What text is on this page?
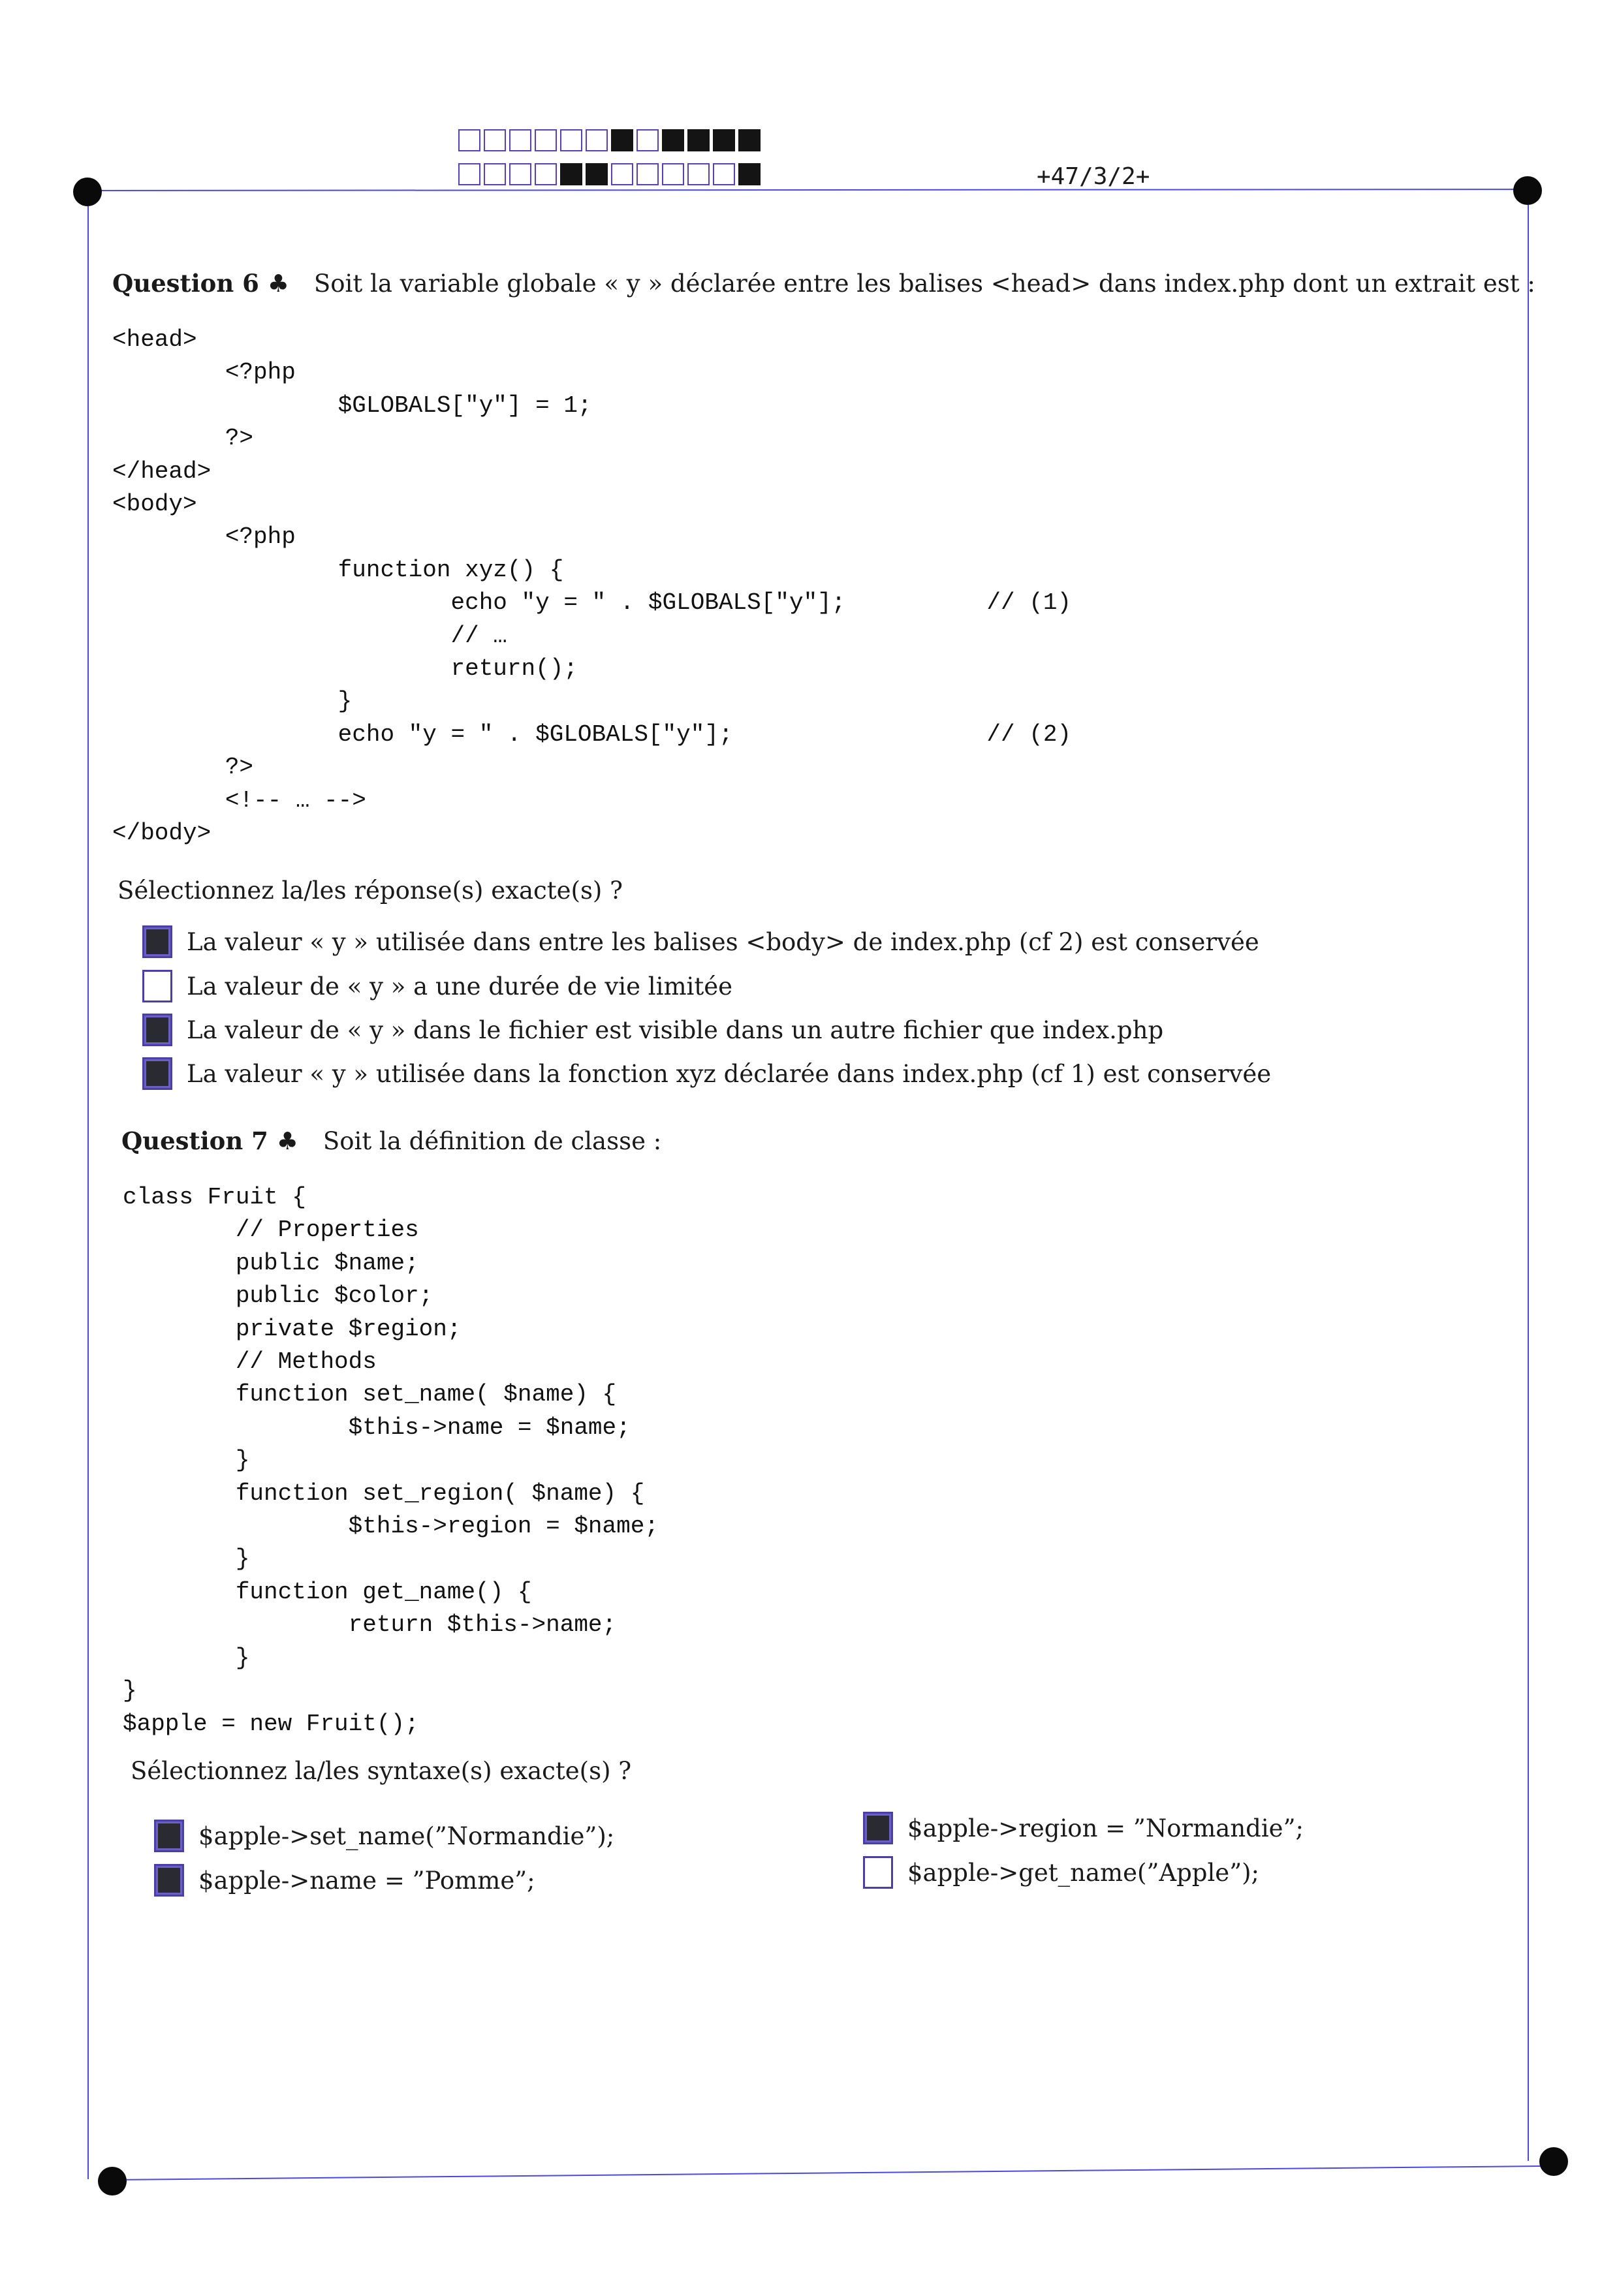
+47/3/2+
Question 6 ♣ Soit la variable globale « y » déclarée entre les balises <head> dans index.php dont un extrait est :
<head>
<?php
$GLOBALS["y"] = 1;
?>
</head>
<body>
<?php
function xyz() {
echo "y = " . $GLOBALS["y"];          // (1)
// …
return();
}
echo "y = " . $GLOBALS["y"];                  // (2)
?>
<!-- … -->
</body>
Sélectionnez la/les réponse(s) exacte(s) ?
La valeur « y » utilisée dans entre les balises <body> de index.php (cf 2) est conservée
La valeur de « y » a une durée de vie limitée
La valeur de « y » dans le fichier est visible dans un autre fichier que index.php
La valeur « y » utilisée dans la fonction xyz déclarée dans index.php (cf 1) est conservée
Question 7 ♣ Soit la définition de classe :
class Fruit {
// Properties
public $name;
public $color;
private $region;
// Methods
function set_name( $name) {
$this->name = $name;
}
function set_region( $name) {
$this->region = $name;
}
function get_name() {
return $this->name;
}
}
$apple = new Fruit();
Sélectionnez la/les syntaxe(s) exacte(s) ?
$apple->set_name(”Normandie”);
$apple->name = ”Pomme”;
$apple->region = ”Normandie”;
$apple->get_name(”Apple”);
